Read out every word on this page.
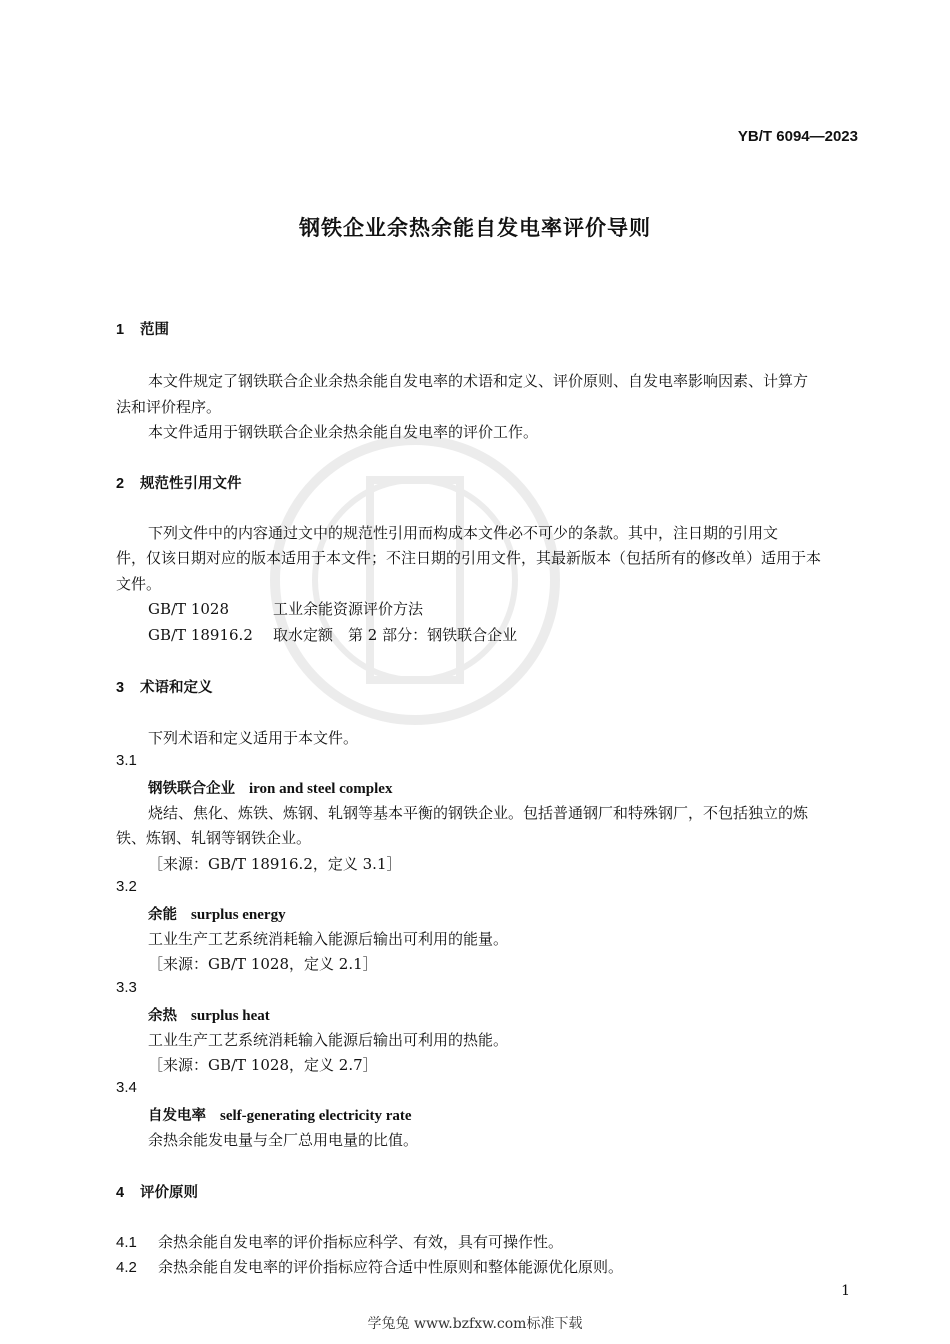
YB/T 6094—2023
钢铁企业余热余能自发电率评价导则
1 范围
本文件规定了钢铁联合企业余热余能自发电率的术语和定义、评价原则、自发电率影响因素、计算方
法和评价程序。
本文件适用于钢铁联合企业余热余能自发电率的评价工作。
2 规范性引用文件
下列文件中的内容通过文中的规范性引用而构成本文件必不可少的条款。其中，注日期的引用文
件，仅该日期对应的版本适用于本文件；不注日期的引用文件，其最新版本（包括所有的修改单）适用于本
文件。
GB/T 1028	工业余能资源评价方法
GB/T 18916.2 取水定额　第 2 部分：钢铁联合企业
3 术语和定义
下列术语和定义适用于本文件。
3.1
钢铁联合企业 iron and steel complex
烧结、焦化、炼铁、炼钢、轧钢等基本平衡的钢铁企业。包括普通钢厂和特殊钢厂，不包括独立的炼
铁、炼钢、轧钢等钢铁企业。
［来源：GB/T 18916.2，定义 3.1］
3.2
余能 surplus energy
工业生产工艺系统消耗输入能源后输出可利用的能量。
［来源：GB/T 1028，定义 2.1］
3.3
余热 surplus heat
工业生产工艺系统消耗输入能源后输出可利用的热能。
［来源：GB/T 1028，定义 2.7］
3.4
自发电率 self-generating electricity rate
余热余能发电量与全厂总用电量的比值。
4 评价原则
4.1 余热余能自发电率的评价指标应科学、有效，具有可操作性。
4.2 余热余能自发电率的评价指标应符合适中性原则和整体能源优化原则。
1
学兔兔 www.bzfxw.com标准下载
